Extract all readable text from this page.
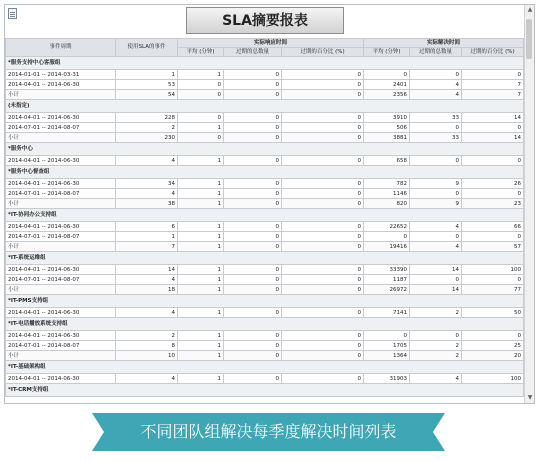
SLA摘要报表
事件周期	使用SLA的事件	实际响应时间			实际解决时间		
		平均 (分钟)	过期的总数量	过期的百分比 (%)	平均 (分钟)	过期的总数量	过期的百分比 (%)
*服务支持中心客服组							
2014-01-01 -- 2014-03-31	1	1	0	0	0	0	0
2014-04-01 -- 2014-06-30	53	0	0	0	2401	4	7
小计	54	0	0	0	2356	4	7
(未指定)							
2014-04-01 -- 2014-06-30	228	0	0	0	3910	33	14
2014-07-01 -- 2014-08-07	2	1	0	0	506	0	0
小计	230	0	0	0	3881	33	14
*服务中心							
2014-04-01 -- 2014-06-30	4	1	0	0	658	0	0
*服务中心督查组							
2014-04-01 -- 2014-06-30	34	1	0	0	782	9	26
2014-07-01 -- 2014-08-07	4	1	0	0	1146	0	0
小计	38	1	0	0	820	9	23
*IT-协同办公支持组							
2014-04-01 -- 2014-06-30	6	1	0	0	22652	4	66
2014-07-01 -- 2014-08-07	1	1	0	0	0	0	0
小计	7	1	0	0	19416	4	57
*IT-系统运维组							
2014-04-01 -- 2014-06-30	14	1	0	0	33390	14	100
2014-07-01 -- 2014-08-07	4	1	0	0	1187	0	0
小计	18	1	0	0	26972	14	77
*IT-PMS支持组							
2014-04-01 -- 2014-06-30	4	1	0	0	7141	2	50
*IT-电话播放系统支持组							
2014-04-01 -- 2014-06-30	2	1	0	0	0	0	0
2014-07-01 -- 2014-08-07	8	1	0	0	1705	2	25
小计	10	1	0	0	1364	2	20
*IT-基础架构组							
2014-04-01 -- 2014-06-30	4	1	0	0	31903	4	100
*IT-CRM支持组							
▲
▼
不同团队组解决每季度解决时间列表
